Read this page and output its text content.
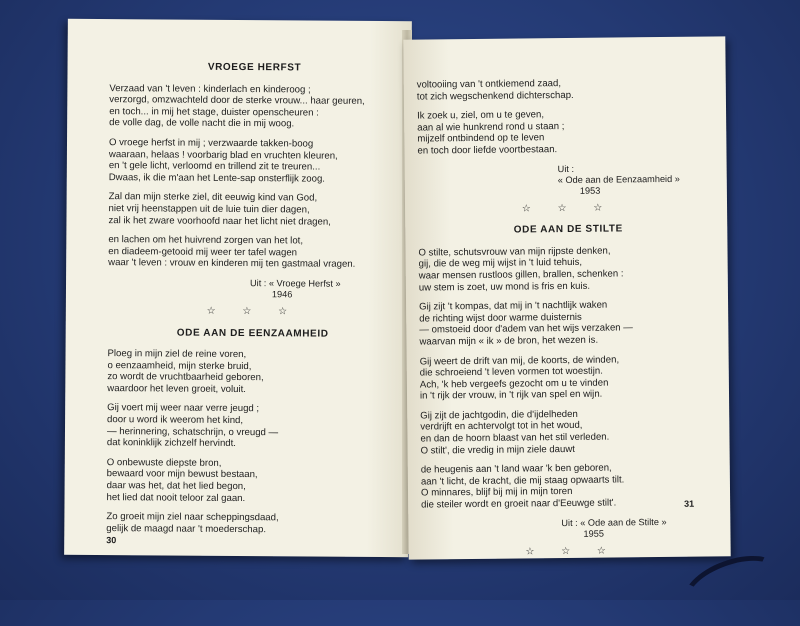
VROEGE HERFST
Verzaad van 't leven : kinderlach en kinderoog ;
verzorgd, omzwachteld door de sterke vrouw... haar geuren,
en toch... in mij het stage, duister openscheuren :
de volle dag, de volle nacht die in mij woog.
O vroege herfst in mij ; verzwaarde takken-boog
waaraan, helaas ! voorbarig blad en vruchten kleuren,
en 't gele licht, verloomd en trillend zit te treuren...
Dwaas, ik die m'aan het Lente-sap onsterflijk zoog.
Zal dan mijn sterke ziel, dit eeuwig kind van God,
niet vrij heenstappen uit de luie tuin dier dagen,
zal ik het zware voorhoofd naar het licht niet dragen,
en lachen om het huivrend zorgen van het lot,
en diadeem-getooid mij weer ter tafel wagen
waar 't leven : vrouw en kinderen mij ten gastmaal vragen.
Uit : « Vroege Herfst »
1946
☆ ☆ ☆
ODE AAN DE EENZAAMHEID
Ploeg in mijn ziel de reine voren,
o eenzaamheid, mijn sterke bruid,
zo wordt de vruchtbaarheid geboren,
waardoor het leven groeit, voluit.
Gij voert mij weer naar verre jeugd ;
door u word ik weerom het kind,
— herinnering, schatschrijn, o vreugd —
dat koninklijk zichzelf hervindt.
O onbewuste diepste bron,
bewaard voor mijn bewust bestaan,
daar was het, dat het lied begon,
het lied dat nooit teloor zal gaan.
Zo groeit mijn ziel naar scheppingsdaad,
gelijk de maagd naar 't moederschap.
30
voltooiing van 't ontkiemend zaad,
tot zich wegschenkend dichterschap.
Ik zoek u, ziel, om u te geven,
aan al wie hunkrend rond u staan ;
mijzelf ontbindend op te leven
en toch door liefde voortbestaan.
Uit :
« Ode aan de Eenzaamheid »
1953
☆ ☆ ☆
ODE AAN DE STILTE
O stilte, schutsvrouw van mijn rijpste denken,
gij, die de weg mij wijst in 't luid tehuis,
waar mensen rustloos gillen, brallen, schenken :
uw stem is zoet, uw mond is fris en kuis.
Gij zijt 't kompas, dat mij in 't nachtlijk waken
de richting wijst door warme duisternis
— omstoeid door d'adem van het wijs verzaken —
waarvan mijn « ik » de bron, het wezen is.
Gij weert de drift van mij, de koorts, de winden,
die schroeiend 't leven vormen tot woestijn.
Ach, 'k heb vergeefs gezocht om u te vinden
in 't rijk der vrouw, in 't rijk van spel en wijn.
Gij zijt de jachtgodin, die d'ijdelheden
verdrijft en achtervolgt tot in het woud,
en dan de hoorn blaast van het stil verleden.
O stilt', die vredig in mijn ziele dauwt
de heugenis aan 't land waar 'k ben geboren,
aan 't licht, de kracht, die mij staag opwaarts tilt.
O minnares, blijf bij mij in mijn toren
die steiler wordt en groeit naar d'Eeuwge stilt'.
Uit : « Ode aan de Stilte »
1955
☆ ☆ ☆
31
